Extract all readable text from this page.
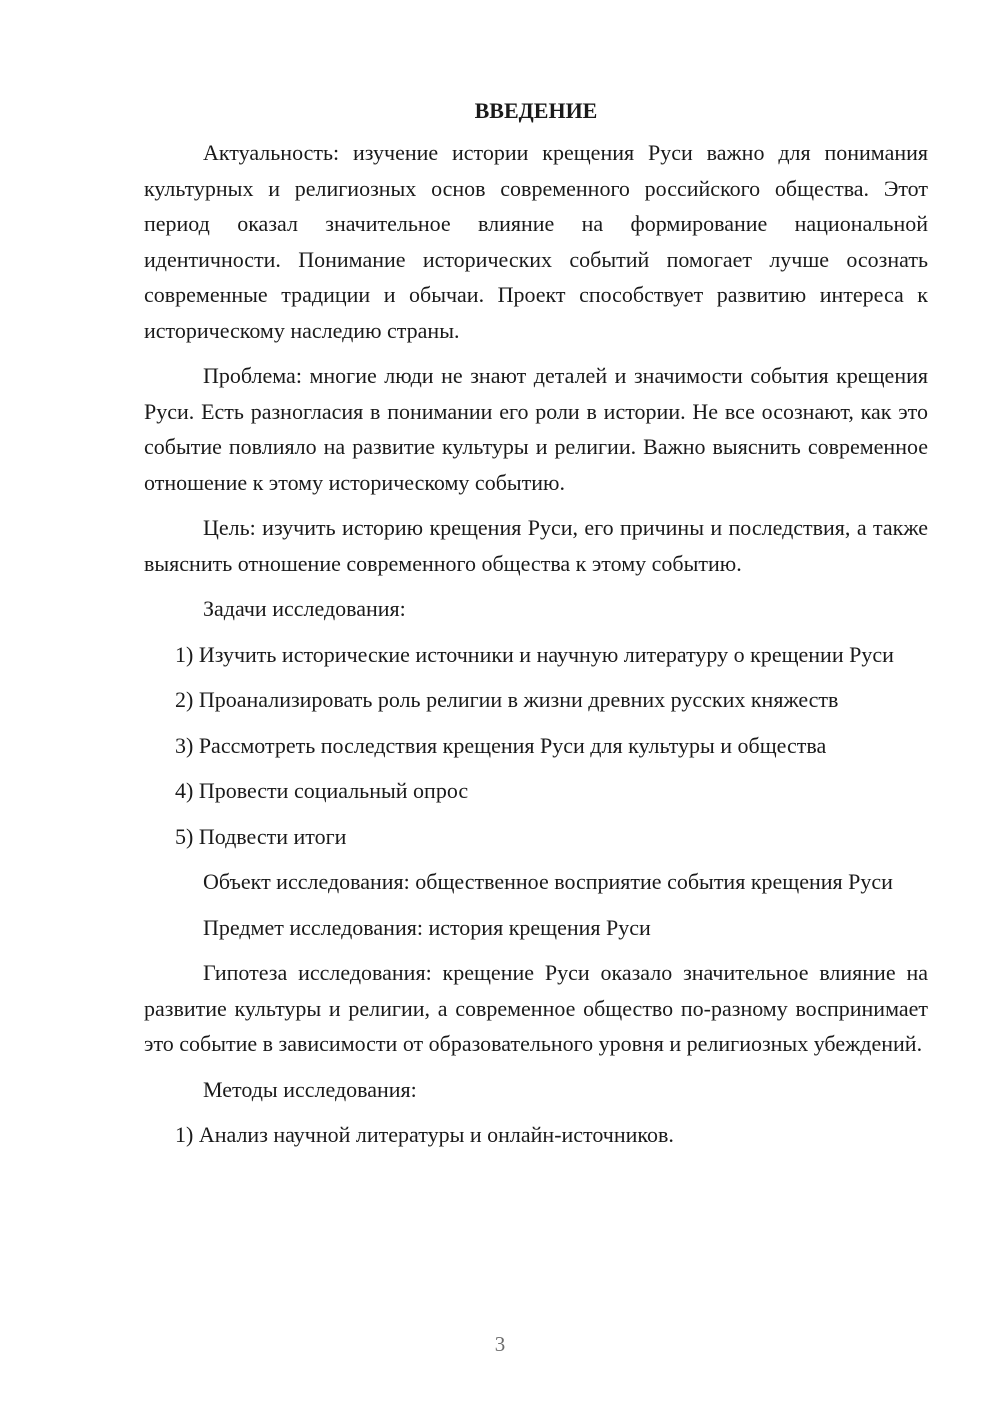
ВВЕДЕНИЕ

Актуальность: изучение истории крещения Руси важно для понимания культурных и религиозных основ современного российского общества. Этот период оказал значительное влияние на формирование национальной идентичности. Понимание исторических событий помогает лучше осознать современные традиции и обычаи. Проект способствует развитию интереса к историческому наследию страны.

Проблема: многие люди не знают деталей и значимости события крещения Руси. Есть разногласия в понимании его роли в истории. Не все осознают, как это событие повлияло на развитие культуры и религии. Важно выяснить современное отношение к этому историческому событию.

Цель: изучить историю крещения Руси, его причины и последствия, а также выяснить отношение современного общества к этому событию.

Задачи исследования:

1) Изучить исторические источники и научную литературу о крещении Руси

2) Проанализировать роль религии в жизни древних русских княжеств

3) Рассмотреть последствия крещения Руси для культуры и общества

4) Провести социальный опрос

5) Подвести итоги

Объект исследования: общественное восприятие события крещения Руси

Предмет исследования: история крещения Руси

Гипотеза исследования: крещение Руси оказало значительное влияние на развитие культуры и религии, а современное общество по-разному воспринимает это событие в зависимости от образовательного уровня и религиозных убеждений.

Методы исследования:

1) Анализ научной литературы и онлайн-источников.

3
